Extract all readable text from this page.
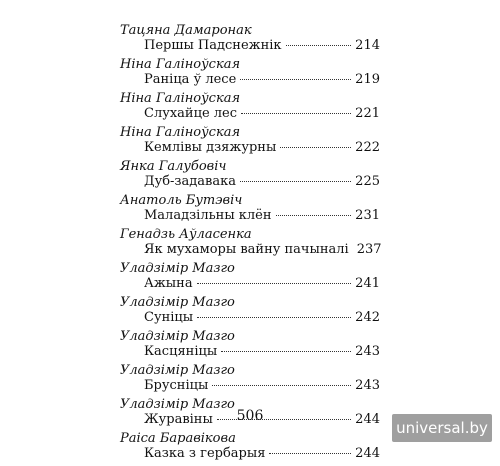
Тацяна Дамаронак
Першы Падснежнік	214
Ніна Галіноўская
Раніца ў лесе	219
Ніна Галіноўская
Слухайце лес	221
Ніна Галіноўская
Кемлівы дзяжурны	222
Янка Галубовіч
Дуб-задавака	225
Анатоль Бутэвіч
Маладзільны клён	231
Генадзь Аўласенка
Як мухаморы вайну пачыналі 237
Уладзімір Мазго
Ажына	241
Уладзімір Мазго
Суніцы	242
Уладзімір Мазго
Касцяніцы	243
Уладзімір Мазго
Брусніцы	243
Уладзімір Мазго
Журавіны	244
Раіса Баравікова
Казка з гербарыя	244
506
universal.by
